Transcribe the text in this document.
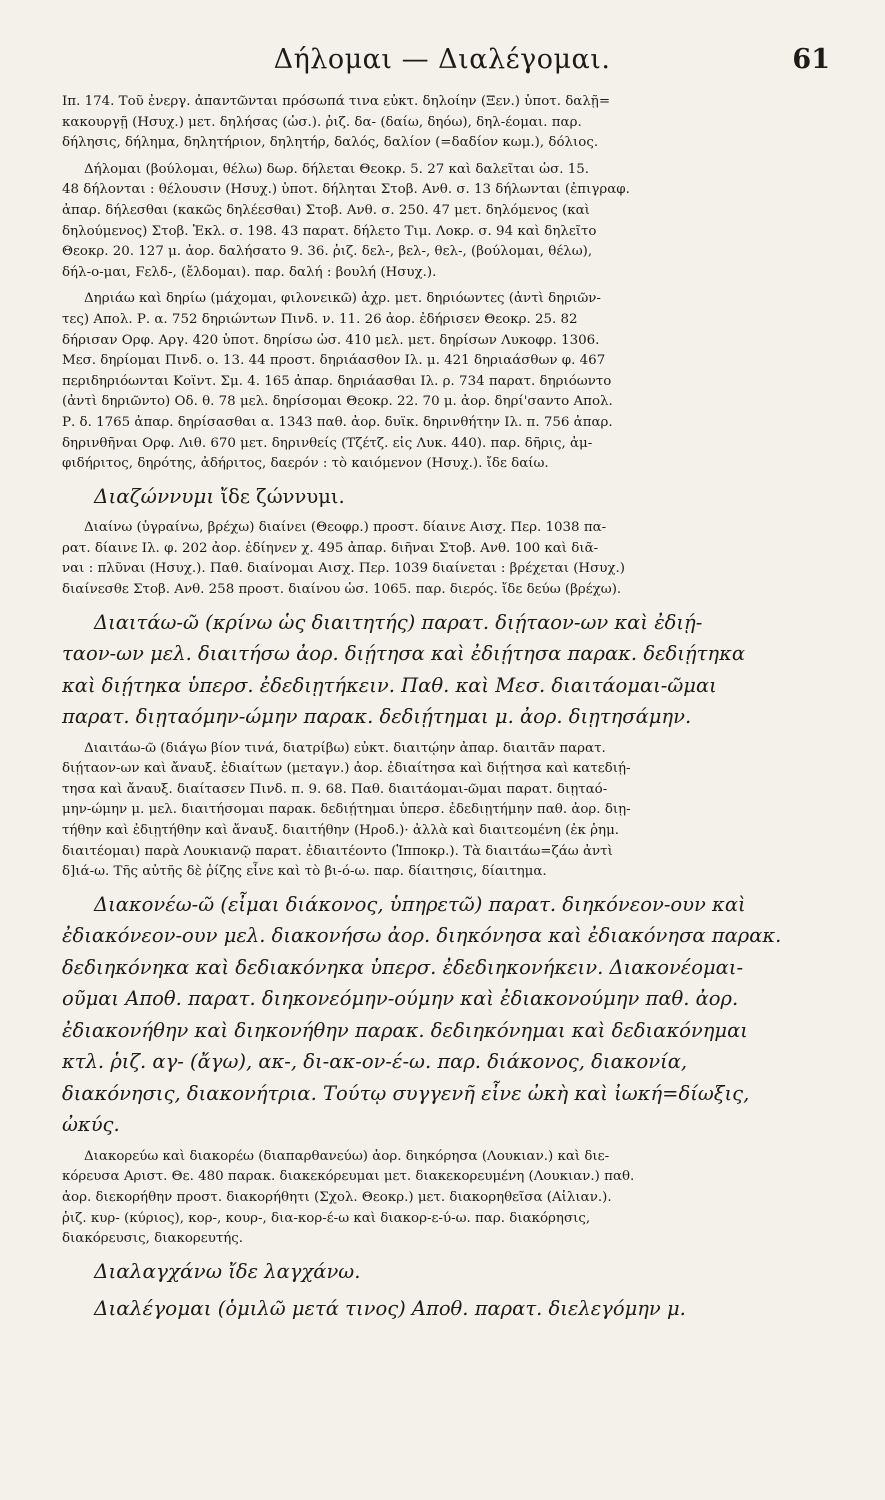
Δήλομαι — Διαλέγομαι.	61

Ιπ. 174. Τοῦ ἐνεργ. ἀπαντῶνται πρόσωπά τινα εὐκτ. δηλοίην (Ξεν.) ὑποτ. δαλῇ=

κακουργῇ (Ησυχ.) μετ. δηλήσας (ὡσ.). ῥιζ. δα- (δαίω, δηόω), δηλ-έομαι. παρ.

δήλησις, δήλημα, δηλητήριον, δηλητήρ, δαλός, δαλίον (=δαδίον κωμ.), δόλιος.

Δήλομαι (βούλομαι, θέλω) δωρ. δήλεται Θεοκρ. 5. 27 καὶ δαλεῖται ὡσ. 15.

48 δήλονται : θέλουσιν (Ησυχ.) ὑποτ. δήληται Στοβ. Ανθ. σ. 13 δήλωνται (ἐπιγραφ.

ἀπαρ. δήλεσθαι (κακῶς δηλέεσθαι) Στοβ. Ανθ. σ. 250. 47 μετ. δηλόμενος (καὶ

δηλούμενος) Στοβ. Ἐκλ. σ. 198. 43 παρατ. δήλετο Τιμ. Λοκρ. σ. 94 καὶ δηλεῖτο

Θεοκρ. 20. 127 μ. ἀορ. δαλήσατο 9. 36. ῥιζ. δελ-, βελ-, θελ-, (βούλομαι, θέλω),

δήλ-ο-μαι, Ϝελδ-, (ἔλδομαι). παρ. δαλή : βουλή (Ησυχ.).

Δηριάω καὶ δηρίω (μάχομαι, φιλονεικῶ) ἀχρ. μετ. δηριόωντες (ἀντὶ δηριῶν-

τες) Απολ. Ρ. α. 752 δηριώντων Πινδ. ν. 11. 26 ἀορ. ἐδήρισεν Θεοκρ. 25. 82

δήρισαν Ορφ. Αργ. 420 ὑποτ. δηρίσω ὡσ. 410 μελ. μετ. δηρίσων Λυκοφρ. 1306.

Μεσ. δηρίομαι Πινδ. ο. 13. 44 προστ. δηριάασθον Ιλ. μ. 421 δηριαάσθων φ. 467

περιδηριόωνται Κοϊντ. Σμ. 4. 165 ἀπαρ. δηριάασθαι Ιλ. ρ. 734 παρατ. δηριόωντο

(ἀντὶ δηριῶντο) Οδ. θ. 78 μελ. δηρίσομαι Θεοκρ. 22. 70 μ. ἀορ. δηρί'σαντο Απολ.

Ρ. δ. 1765 ἀπαρ. δηρίσασθαι α. 1343 παθ. ἀορ. δυϊκ. δηρινθήτην Ιλ. π. 756 ἀπαρ.

δηρινθῆναι Ορφ. Λιθ. 670 μετ. δηρινθείς (Τζέτζ. εἰς Λυκ. 440). παρ. δῆρις, ἀμ-

φιδήριτος, δηρότης, ἀδήριτος, δαερόν : τὸ καιόμενον (Ησυχ.). ἴδε δαίω.

Διαζώννυμι ἴδε ζώννυμι.

Διαίνω (ὑγραίνω, βρέχω) διαίνει (Θεοφρ.) προστ. δίαινε Αισχ. Περ. 1038 πα-

ρατ. δίαινε Ιλ. φ. 202 ἀορ. ἐδίηνεν χ. 495 ἀπαρ. διῆναι Στοβ. Ανθ. 100 καὶ διᾶ-

ναι : πλῦναι (Ησυχ.). Παθ. διαίνομαι Αισχ. Περ. 1039 διαίνεται : βρέχεται (Ησυχ.)

διαίνεσθε Στοβ. Ανθ. 258 προστ. διαίνου ὡσ. 1065. παρ. διερός. ἴδε δεύω (βρέχω).

Διαιτάω-ῶ (κρίνω ὡς διαιτητής) παρατ. διῄταον-ων καὶ ἐδιῄ-

ταον-ων μελ. διαιτήσω ἀορ. διῄτησα καὶ ἐδιῄτησα παρακ. δεδιῄτηκα

καὶ διῄτηκα ὑπερσ. ἐδεδιῃτήκειν. Παθ. καὶ Μεσ. διαιτάομαι-ῶμαι

παρατ. διῃταόμην-ώμην παρακ. δεδιῄτημαι μ. ἀορ. διῃτησάμην.

Διαιτάω-ῶ (διάγω βίον τινά, διατρίβω) εὐκτ. διαιτῴην ἀπαρ. διαιτᾶν παρατ.

διῄταον-ων καὶ ἄναυξ. ἐδιαίτων (μεταγν.) ἀορ. ἐδιαίτησα καὶ διῄτησα καὶ κατεδιῄ-

τησα καὶ ἄναυξ. διαίτασεν Πινδ. π. 9. 68. Παθ. διαιτάομαι-ῶμαι παρατ. διῃταό-

μην-ώμην μ. μελ. διαιτήσομαι παρακ. δεδιῄτημαι ὑπερσ. ἐδεδιῃτήμην παθ. ἀορ. διῃ-

τήθην καὶ ἐδιῃτήθην καὶ ἄναυξ. διαιτήθην (Ηροδ.)· ἀλλὰ καὶ διαιτεομένη (ἐκ ῥημ.

διαιτέομαι) παρὰ Λουκιανῷ παρατ. ἐδιαιτέοντο (Ἱπποκρ.). Τὰ διαιτάω=ζάω ἀντὶ

δ]ιά-ω. Τῆς αὐτῆς δὲ ῥίζης εἶνε καὶ τὸ βι-ό-ω. παρ. δίαιτησις, δίαιτημα.

Διακονέω-ῶ (εἶμαι διάκονος, ὑπηρετῶ) παρατ. διηκόνεον-ουν καὶ

ἐδιακόνεον-ουν μελ. διακονήσω ἀορ. διηκόνησα καὶ ἐδιακόνησα παρακ.

δεδιηκόνηκα καὶ δεδιακόνηκα ὑπερσ. ἐδεδιηκονήκειν. Διακονέομαι-

οῦμαι Αποθ. παρατ. διηκονεόμην-ούμην καὶ ἐδιακονούμην παθ. ἀορ.

ἐδιακονήθην καὶ διηκονήθην παρακ. δεδιηκόνημαι καὶ δεδιακόνημαι

κτλ. ῥιζ. αγ- (ἄγω), ακ-, δι-ακ-ον-έ-ω. παρ. διάκονος, διακονία,

διακόνησις, διακονήτρια. Τούτῳ συγγενῆ εἶνε ὠκὴ καὶ ἰωκή=δίωξις,

ὠκύς.

Διακορεύω καὶ διακορέω (διαπαρθανεύω) ἀορ. διηκόρησα (Λουκιαν.) καὶ διε-

κόρευσα Αριστ. Θε. 480 παρακ. διακεκόρευμαι μετ. διακεκορευμένη (Λουκιαν.) παθ.

ἀορ. διεκορήθην προστ. διακορήθητι (Σχολ. Θεοκρ.) μετ. διακορηθεῖσα (Αἰλιαν.).

ῥιζ. κυρ- (κύριος), κορ-, κουρ-, δια-κορ-έ-ω καὶ διακορ-ε-ύ-ω. παρ. διακόρησις,

διακόρευσις, διακορευτής.

Διαλαγχάνω ἴδε λαγχάνω.

Διαλέγομαι (ὁμιλῶ μετά τινος) Αποθ. παρατ. διελεγόμην μ.
